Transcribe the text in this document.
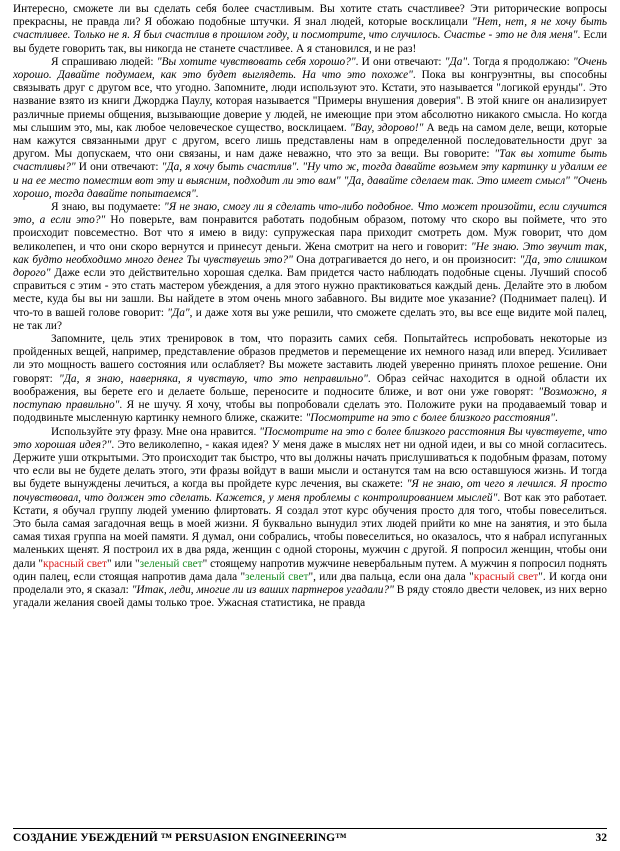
Интересно, сможете ли вы сделать себя более счастливым. Вы хотите стать счастливее? Эти риторические вопросы прекрасны, не правда ли? Я обожаю подобные штучки. Я знал людей, которые восклицали "Нет, нет, я не хочу быть счастливее. Только не я. Я был счастлив в прошлом году, и посмотрите, что случилось. Счастье - это не для меня". Если вы будете говорить так, вы никогда не станете счастливее. А я становился, и не раз!

Я спрашиваю людей: "Вы хотите чувствовать себя хорошо?". И они отвечают: "Да". Тогда я продолжаю: "Очень хорошо. Давайте подумаем, как это будет выглядеть. На что это похоже". Пока вы конгруэнтны, вы способны связывать друг с другом все, что угодно. Запомните, люди используют это. Кстати, это называется "логикой ерунды". Это название взято из книги Джорджа Паулу, которая называется "Примеры внушения доверия". В этой книге он анализирует различные приемы общения, вызывающие доверие у людей, не имеющие при этом абсолютно никакого смысла. Но когда мы слышим это, мы, как любое человеческое существо, восклицаем. "Вау, здорово!" А ведь на самом деле, вещи, которые нам кажутся связанными друг с другом, всего лишь представлены нам в определенной последовательности друг за другом. Мы допускаем, что они связаны, и нам даже неважно, что это за вещи. Вы говорите: "Так вы хотите быть счастливы?" И они отвечают: "Да, я хочу быть счастлив". "Ну что ж, тогда давайте возьмем эту картинку и удалим ее и на ее место поместим вот эту и выясним, подходит ли это вам" "Да, давайте сделаем так. Это имеет смысл" "Очень хорошо, тогда давайте попытаемся".

Я знаю, вы подумаете: "Я не знаю, смогу ли я сделать что-либо подобное. Что может произойти, если случится это, а если это?" Но поверьте, вам понравится работать подобным образом, потому что скоро вы поймете, что это происходит повсеместно. Вот что я имею в виду: супружеская пара приходит смотреть дом. Муж говорит, что дом великолепен, и что они скоро вернутся и принесут деньги. Жена смотрит на него и говорит: "Не знаю. Это звучит так, как будто необходимо много денег Ты чувствуешь это?" Она дотрагивается до него, и он произносит: "Да, это слишком дорого" Даже если это действительно хорошая сделка. Вам придется часто наблюдать подобные сцены. Лучший способ справиться с этим - это стать мастером убеждения, а для этого нужно практиковаться каждый день. Делайте это в любом месте, куда бы вы ни зашли. Вы найдете в этом очень много забавного. Вы видите мое указание? (Поднимает палец). И что-то в вашей голове говорит: "Да", и даже хотя вы уже решили, что сможете сделать это, вы все еще видите мой палец, не так ли?

Запомните, цель этих тренировок в том, что поразить самих себя. Попытайтесь испробовать некоторые из пройденных вещей, например, представление образов предметов и перемещение их немного назад или вперед. Усиливает ли это мощность вашего состояния или ослабляет? Вы можете заставить людей уверенно принять плохое решение. Они говорят: "Да, я знаю, наверняка, я чувствую, что это неправильно". Образ сейчас находится в одной области их воображения, вы берете его и делаете больше, переносите и подносите ближе, и вот они уже говорят: "Возможно, я поступаю правильно". Я не шучу. Я хочу, чтобы вы попробовали сделать это. Положите руки на продаваемый товар и пододвиньте мысленную картинку немного ближе, скажите: "Посмотрите на это с более близкого расстояния".

Используйте эту фразу. Мне она нравится. "Посмотрите на это с более близкого расстояния Вы чувствуете, что это хорошая идея?". Это великолепно, - какая идея? У меня даже в мыслях нет ни одной идеи, и вы со мной согласитесь. Держите уши открытыми. Это происходит так быстро, что вы должны начать прислушиваться к подобным фразам, потому что если вы не будете делать этого, эти фразы войдут в ваши мысли и останутся там на всю оставшуюся жизнь. И тогда вы будете вынуждены лечиться, а когда вы пройдете курс лечения, вы скажете: "Я не знаю, от чего я лечился. Я просто почувствовал, что должен это сделать. Кажется, у меня проблемы с контролированием мыслей". Вот как это работает. Кстати, я обучал группу людей умению флиртовать. Я создал этот курс обучения просто для того, чтобы повеселиться. Это была самая загадочная вещь в моей жизни. Я буквально вынудил этих людей прийти ко мне на занятия, и это была самая тихая группа на моей памяти. Я думал, они собрались, чтобы повеселиться, но оказалось, что я набрал испуганных маленьких щенят. Я построил их в два ряда, женщин с одной стороны, мужчин с другой. Я попросил женщин, чтобы они дали "красный свет" или "зеленый свет" стоящему напротив мужчине невербальным путем. А мужчин я попросил поднять один палец, если стоящая напротив дама дала "зеленый свет", или два пальца, если она дала "красный свет". И когда они проделали это, я сказал: "Итак, леди, многие ли из ваших партнеров угадали?" В ряду стояло двести человек, из них верно угадали желания своей дамы только трое. Ужасная статистика, не правда

СОЗДАНИЕ УБЕЖДЕНИЙ ™ PERSUASION ENGINEERING™	32
